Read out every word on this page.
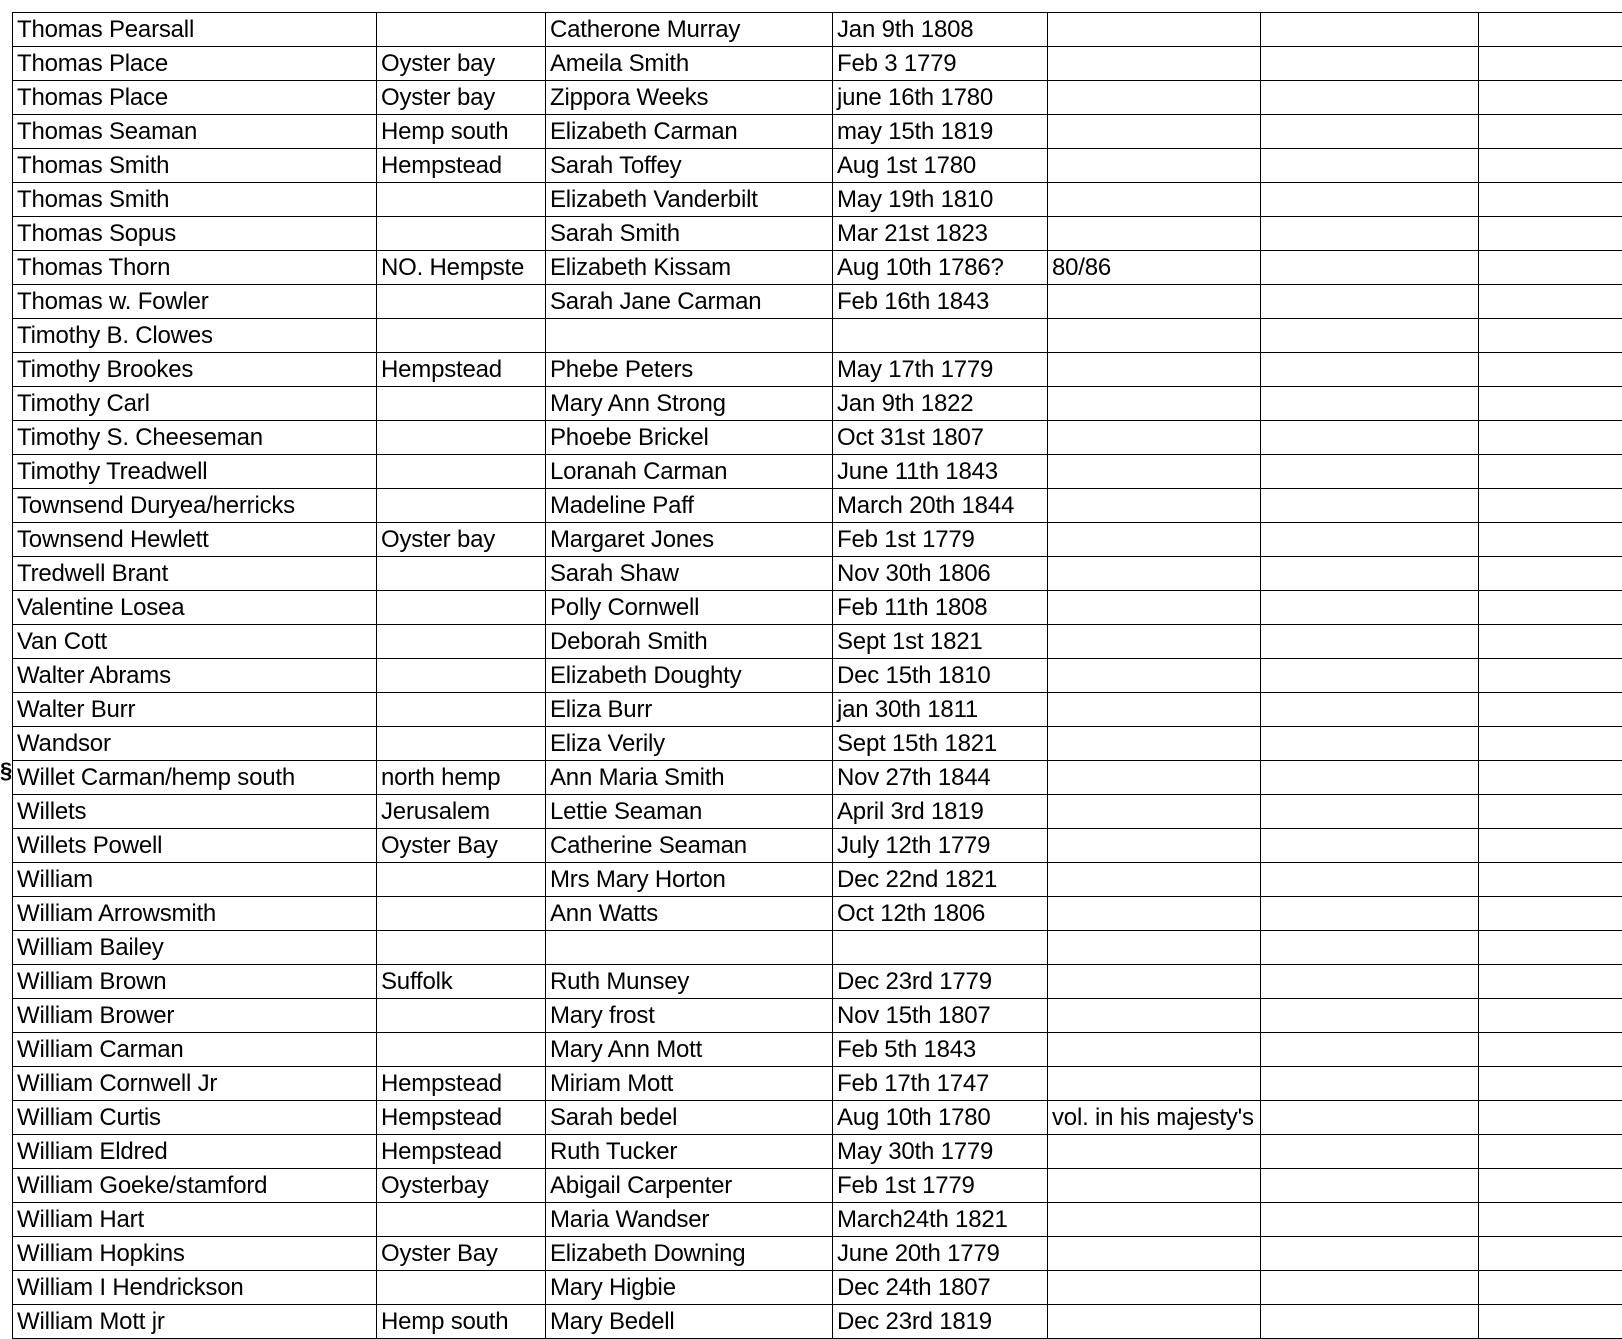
Thomas Pearsall		Catherone Murray	Jan 9th 1808			
Thomas Place	Oyster bay	Ameila Smith	Feb 3 1779			
Thomas Place	Oyster bay	Zippora Weeks	june 16th 1780			
Thomas Seaman	Hemp south	Elizabeth Carman	may 15th 1819			
Thomas Smith	Hempstead	Sarah Toffey	Aug 1st 1780			
Thomas Smith		Elizabeth Vanderbilt	May 19th 1810			
Thomas Sopus		Sarah Smith	Mar 21st 1823			
Thomas Thorn	NO. Hempste	Elizabeth Kissam	Aug 10th 1786?	80/86		
Thomas w. Fowler		Sarah Jane Carman	Feb 16th 1843			
Timothy B. Clowes						
Timothy Brookes	Hempstead	Phebe Peters	May 17th 1779			
Timothy Carl		Mary Ann Strong	Jan 9th 1822			
Timothy S. Cheeseman		Phoebe Brickel	Oct 31st 1807			
Timothy Treadwell		Loranah Carman	June 11th 1843			
Townsend Duryea/herricks		Madeline Paff	March 20th 1844			
Townsend Hewlett	Oyster bay	Margaret Jones	Feb 1st 1779			
Tredwell Brant		Sarah Shaw	Nov 30th 1806			
Valentine Losea		Polly Cornwell	Feb 11th 1808			
Van Cott		Deborah Smith	Sept 1st 1821			
Walter Abrams		Elizabeth Doughty	Dec 15th 1810			
Walter Burr		Eliza Burr	jan 30th 1811			
Wandsor		Eliza Verily	Sept 15th 1821			
Willet Carman/hemp south	north hemp	Ann Maria Smith	Nov 27th 1844			
Willets	Jerusalem	Lettie Seaman	April 3rd 1819			
Willets Powell	Oyster Bay	Catherine Seaman	July 12th 1779			
William		Mrs Mary Horton	Dec 22nd 1821			
William Arrowsmith		Ann Watts	Oct 12th 1806			
William Bailey						
William Brown	Suffolk	Ruth Munsey	Dec 23rd 1779			
William Brower		Mary frost	Nov 15th 1807			
William Carman		Mary Ann Mott	Feb 5th 1843			
William Cornwell Jr	Hempstead	Miriam Mott	Feb 17th 1747			
William Curtis	Hempstead	Sarah bedel	Aug 10th 1780	vol. in his majesty's		
William Eldred	Hempstead	Ruth Tucker	May 30th 1779			
William Goeke/stamford	Oysterbay	Abigail Carpenter	Feb 1st 1779			
William Hart		Maria Wandser	March24th 1821			
William Hopkins	Oyster Bay	Elizabeth Downing	June 20th 1779			
William I Hendrickson		Mary Higbie	Dec 24th 1807			
William Mott jr	Hemp south	Mary Bedell	Dec 23rd 1819			
§
